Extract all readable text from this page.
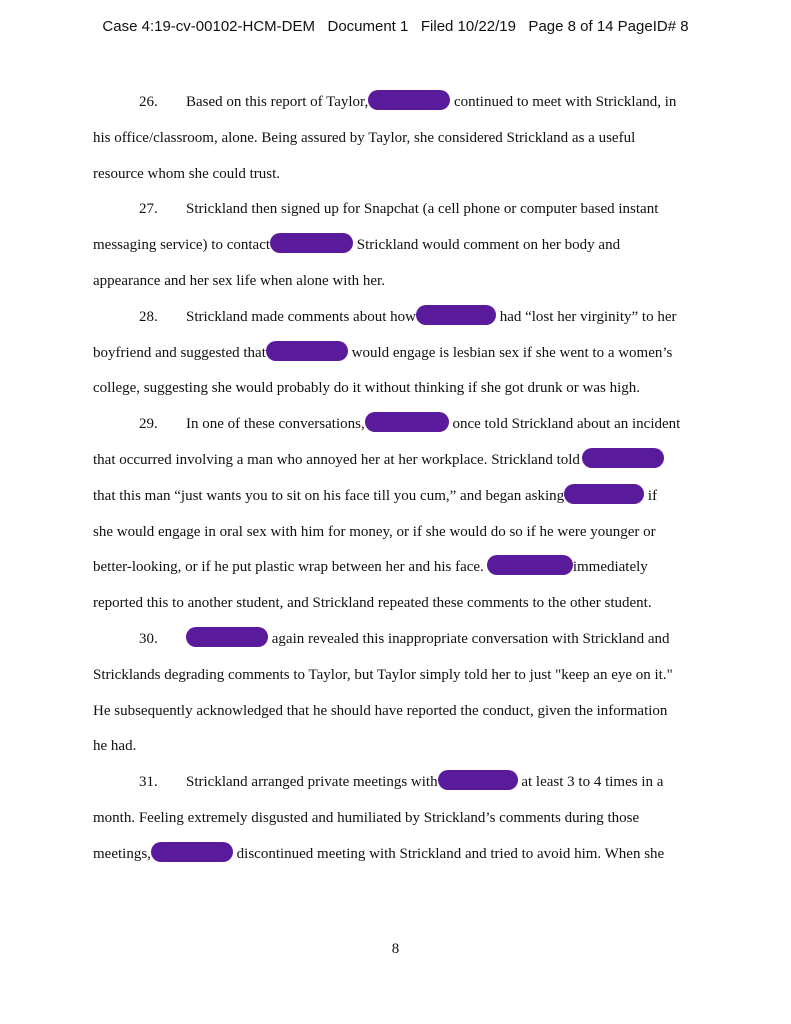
Case 4:19-cv-00102-HCM-DEM   Document 1   Filed 10/22/19   Page 8 of 14 PageID# 8
26. Based on this report of Taylor,	continued to meet with Strickland, in
his office/classroom, alone. Being assured by Taylor, she considered Strickland as a useful
resource whom she could trust.
27. Strickland then signed up for Snapchat (a cell phone or computer based instant
messaging service) to contact	Strickland would comment on her body and
appearance and her sex life when alone with her.
28. Strickland made comments about how	had “lost her virginity” to her
boyfriend and suggested that	would engage is lesbian sex if she went to a women’s
college, suggesting she would probably do it without thinking if she got drunk or was high.
29. In one of these conversations,	once told Strickland about an incident
that occurred involving a man who annoyed her at her workplace. Strickland told
that this man “just wants you to sit on his face till you cum,” and began asking	if
she would engage in oral sex with him for money, or if she would do so if he were younger or
better-looking, or if he put plastic wrap between her and his face.	immediately
reported this to another student, and Strickland repeated these comments to the other student.
30.	again revealed this inappropriate conversation with Strickland and
Stricklands degrading comments to Taylor, but Taylor simply told her to just "keep an eye on it."
He subsequently acknowledged that he should have reported the conduct, given the information
he had.
31. Strickland arranged private meetings with	at least 3 to 4 times in a
month. Feeling extremely disgusted and humiliated by Strickland’s comments during those
meetings,	discontinued meeting with Strickland and tried to avoid him. When she
8
